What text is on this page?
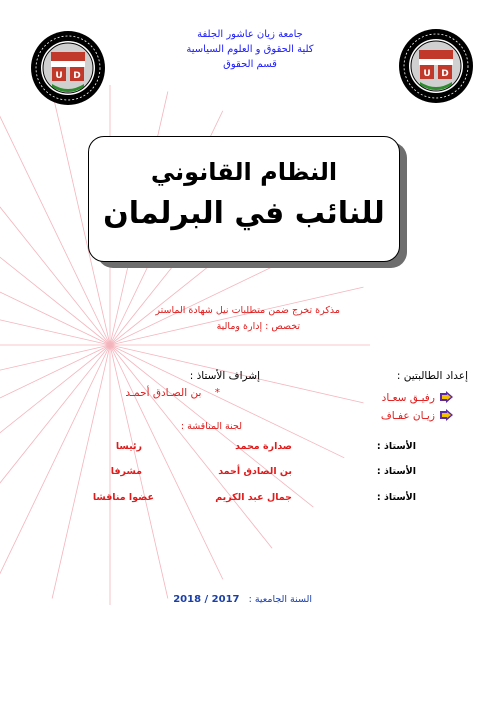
U D	U D
جامعة زيان عاشور الجلفة
كلية الحقوق و العلوم السياسية
قسم الحقوق
النظام القانوني
للنائب في البرلمان
مذكرة تخرج ضمن متطلبات نيل شهادة الماستر
تخصص : إدارة ومالية
إعداد الطالبتين :
رفيـق سعـاد
زيـان عفـاف
إشراف الأستاذ :
* بن الصـادق أحمـد
لجنة المناقشة :
الأستاذ :
صدارة محمد
رئيسا
الأستاذ :
بن الصادق أحمد
مشرفا
الأستاذ :
جمال عبد الكريم
عضوا مناقشا
السنة الجامعية : 2018 / 2017
